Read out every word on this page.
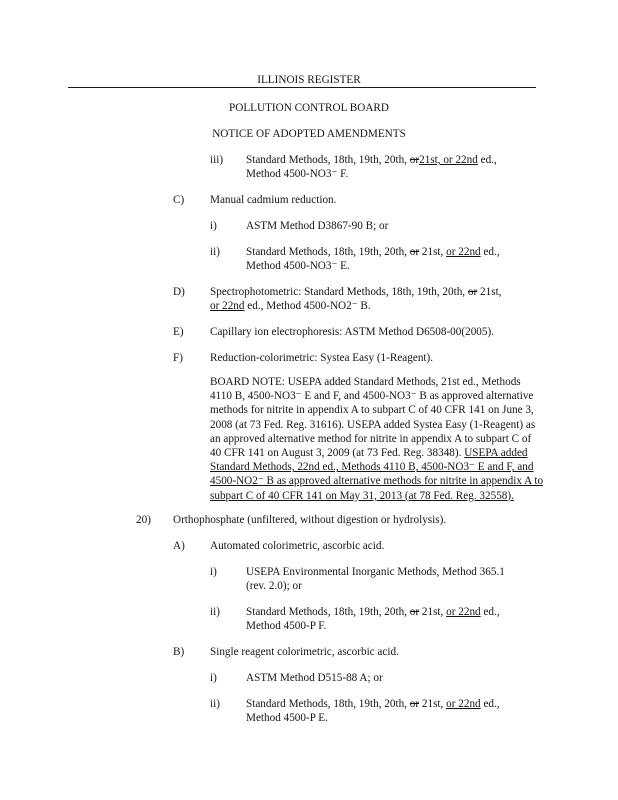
ILLINOIS REGISTER
POLLUTION CONTROL BOARD
NOTICE OF ADOPTED AMENDMENTS
iii) Standard Methods, 18th, 19th, 20th, or21st, or 22nd ed.,
Method 4500-NO3⁻ F.
C) Manual cadmium reduction.
i)	ASTM Method D3867-90 B; or
ii) Standard Methods, 18th, 19th, 20th, or 21st, or 22nd ed.,
Method 4500-NO3⁻ E.
D) Spectrophotometric: Standard Methods, 18th, 19th, 20th, or 21st,
or 22nd ed., Method 4500-NO2⁻ B.
E) Capillary ion electrophoresis: ASTM Method D6508-00(2005).
F) Reduction-colorimetric: Systea Easy (1-Reagent).
BOARD NOTE: USEPA added Standard Methods, 21st ed., Methods
4110 B, 4500-NO3⁻ E and F, and 4500-NO3⁻ B as approved alternative
methods for nitrite in appendix A to subpart C of 40 CFR 141 on June 3,
2008 (at 73 Fed. Reg. 31616). USEPA added Systea Easy (1-Reagent) as
an approved alternative method for nitrite in appendix A to subpart C of
40 CFR 141 on August 3, 2009 (at 73 Fed. Reg. 38348). USEPA added
Standard Methods, 22nd ed., Methods 4110 B, 4500-NO3⁻ E and F, and
4500-NO2⁻ B as approved alternative methods for nitrite in appendix A to
subpart C of 40 CFR 141 on May 31, 2013 (at 78 Fed. Reg. 32558).
20) Orthophosphate (unfiltered, without digestion or hydrolysis).
A) Automated colorimetric, ascorbic acid.
i)	USEPA Environmental Inorganic Methods, Method 365.1
(rev. 2.0); or
ii) Standard Methods, 18th, 19th, 20th, or 21st, or 22nd ed.,
Method 4500-P F.
B) Single reagent colorimetric, ascorbic acid.
i)	ASTM Method D515-88 A; or
ii) Standard Methods, 18th, 19th, 20th, or 21st, or 22nd ed.,
Method 4500-P E.
